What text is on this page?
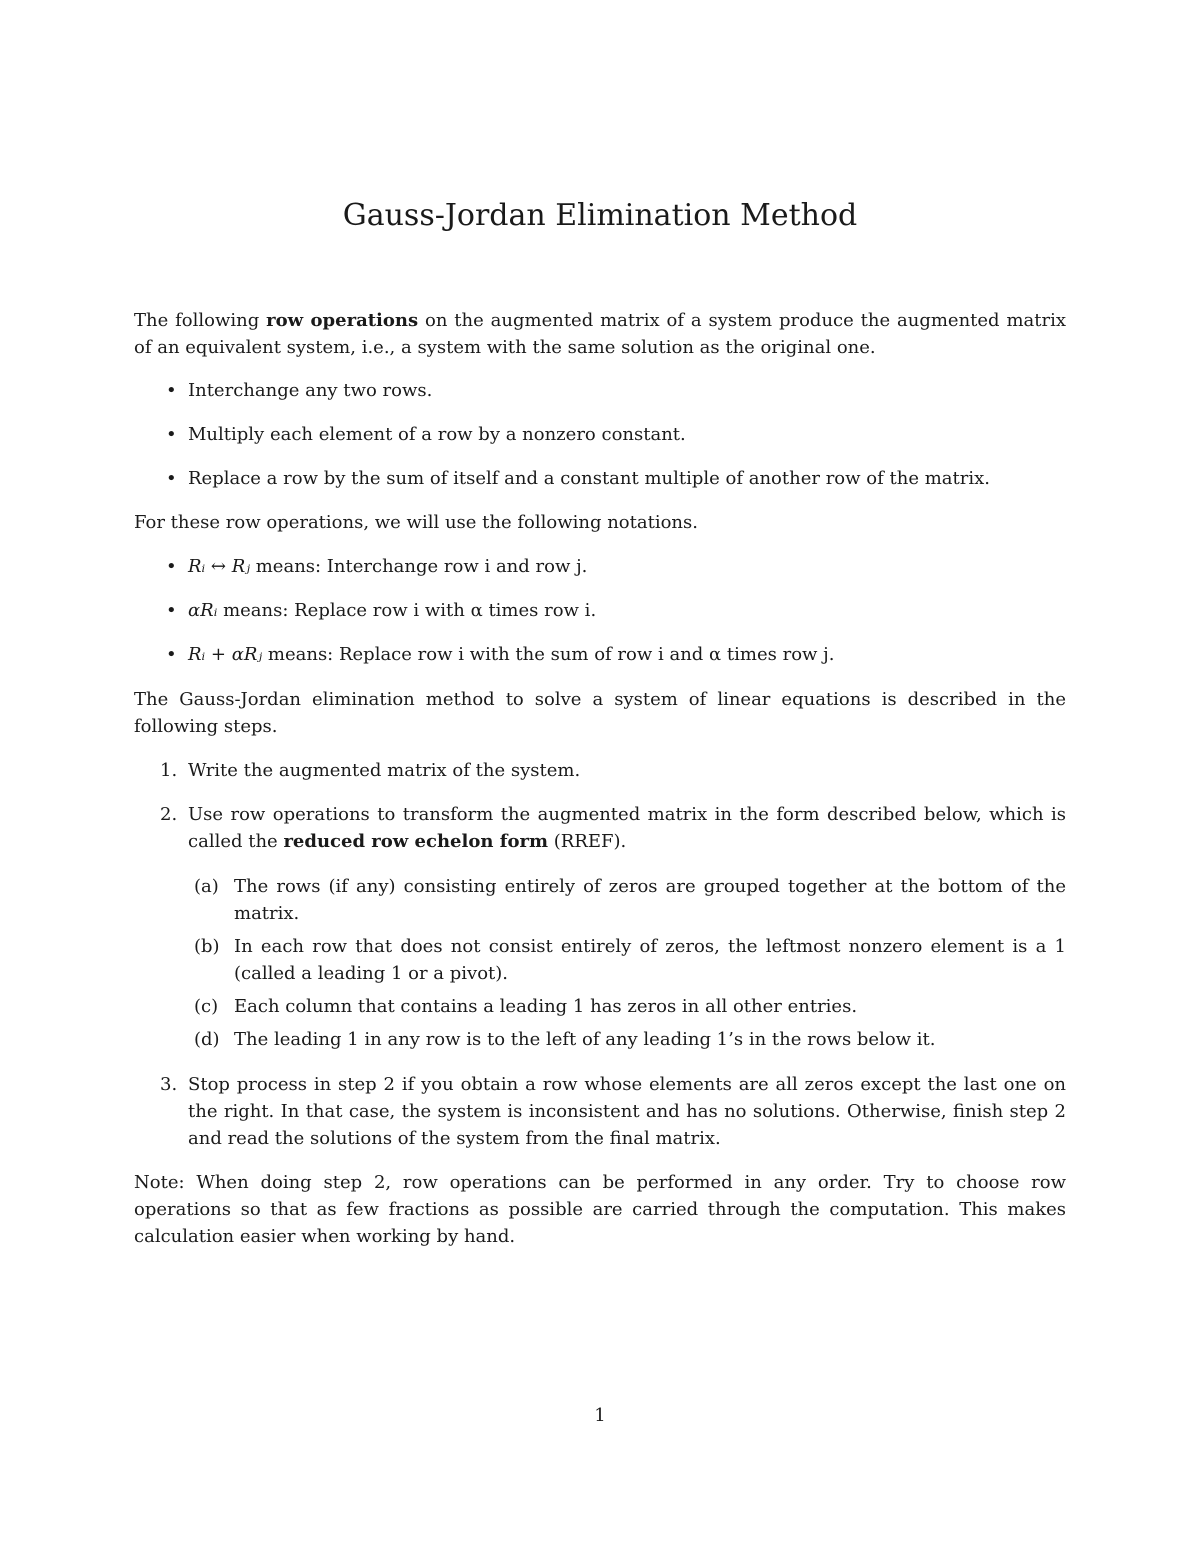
Gauss-Jordan Elimination Method

The following row operations on the augmented matrix of a system produce the augmented matrix of an equivalent system, i.e., a system with the same solution as the original one.

• Interchange any two rows.
• Multiply each element of a row by a nonzero constant.
• Replace a row by the sum of itself and a constant multiple of another row of the matrix.

For these row operations, we will use the following notations.

• Rᵢ ↔ Rⱼ means: Interchange row i and row j.
• αRᵢ means: Replace row i with α times row i.
• Rᵢ + αRⱼ means: Replace row i with the sum of row i and α times row j.

The Gauss-Jordan elimination method to solve a system of linear equations is described in the following steps.

1. Write the augmented matrix of the system.
2. Use row operations to transform the augmented matrix in the form described below, which is called the reduced row echelon form (RREF).

(a) The rows (if any) consisting entirely of zeros are grouped together at the bottom of the matrix.

(b) In each row that does not consist entirely of zeros, the leftmost nonzero element is a 1 (called a leading 1 or a pivot).

(c) Each column that contains a leading 1 has zeros in all other entries.

(d) The leading 1 in any row is to the left of any leading 1’s in the rows below it.

3. Stop process in step 2 if you obtain a row whose elements are all zeros except the last one on the right. In that case, the system is inconsistent and has no solutions. Otherwise, finish step 2 and read the solutions of the system from the final matrix.

Note: When doing step 2, row operations can be performed in any order. Try to choose row operations so that as few fractions as possible are carried through the computation. This makes calculation easier when working by hand.

1
